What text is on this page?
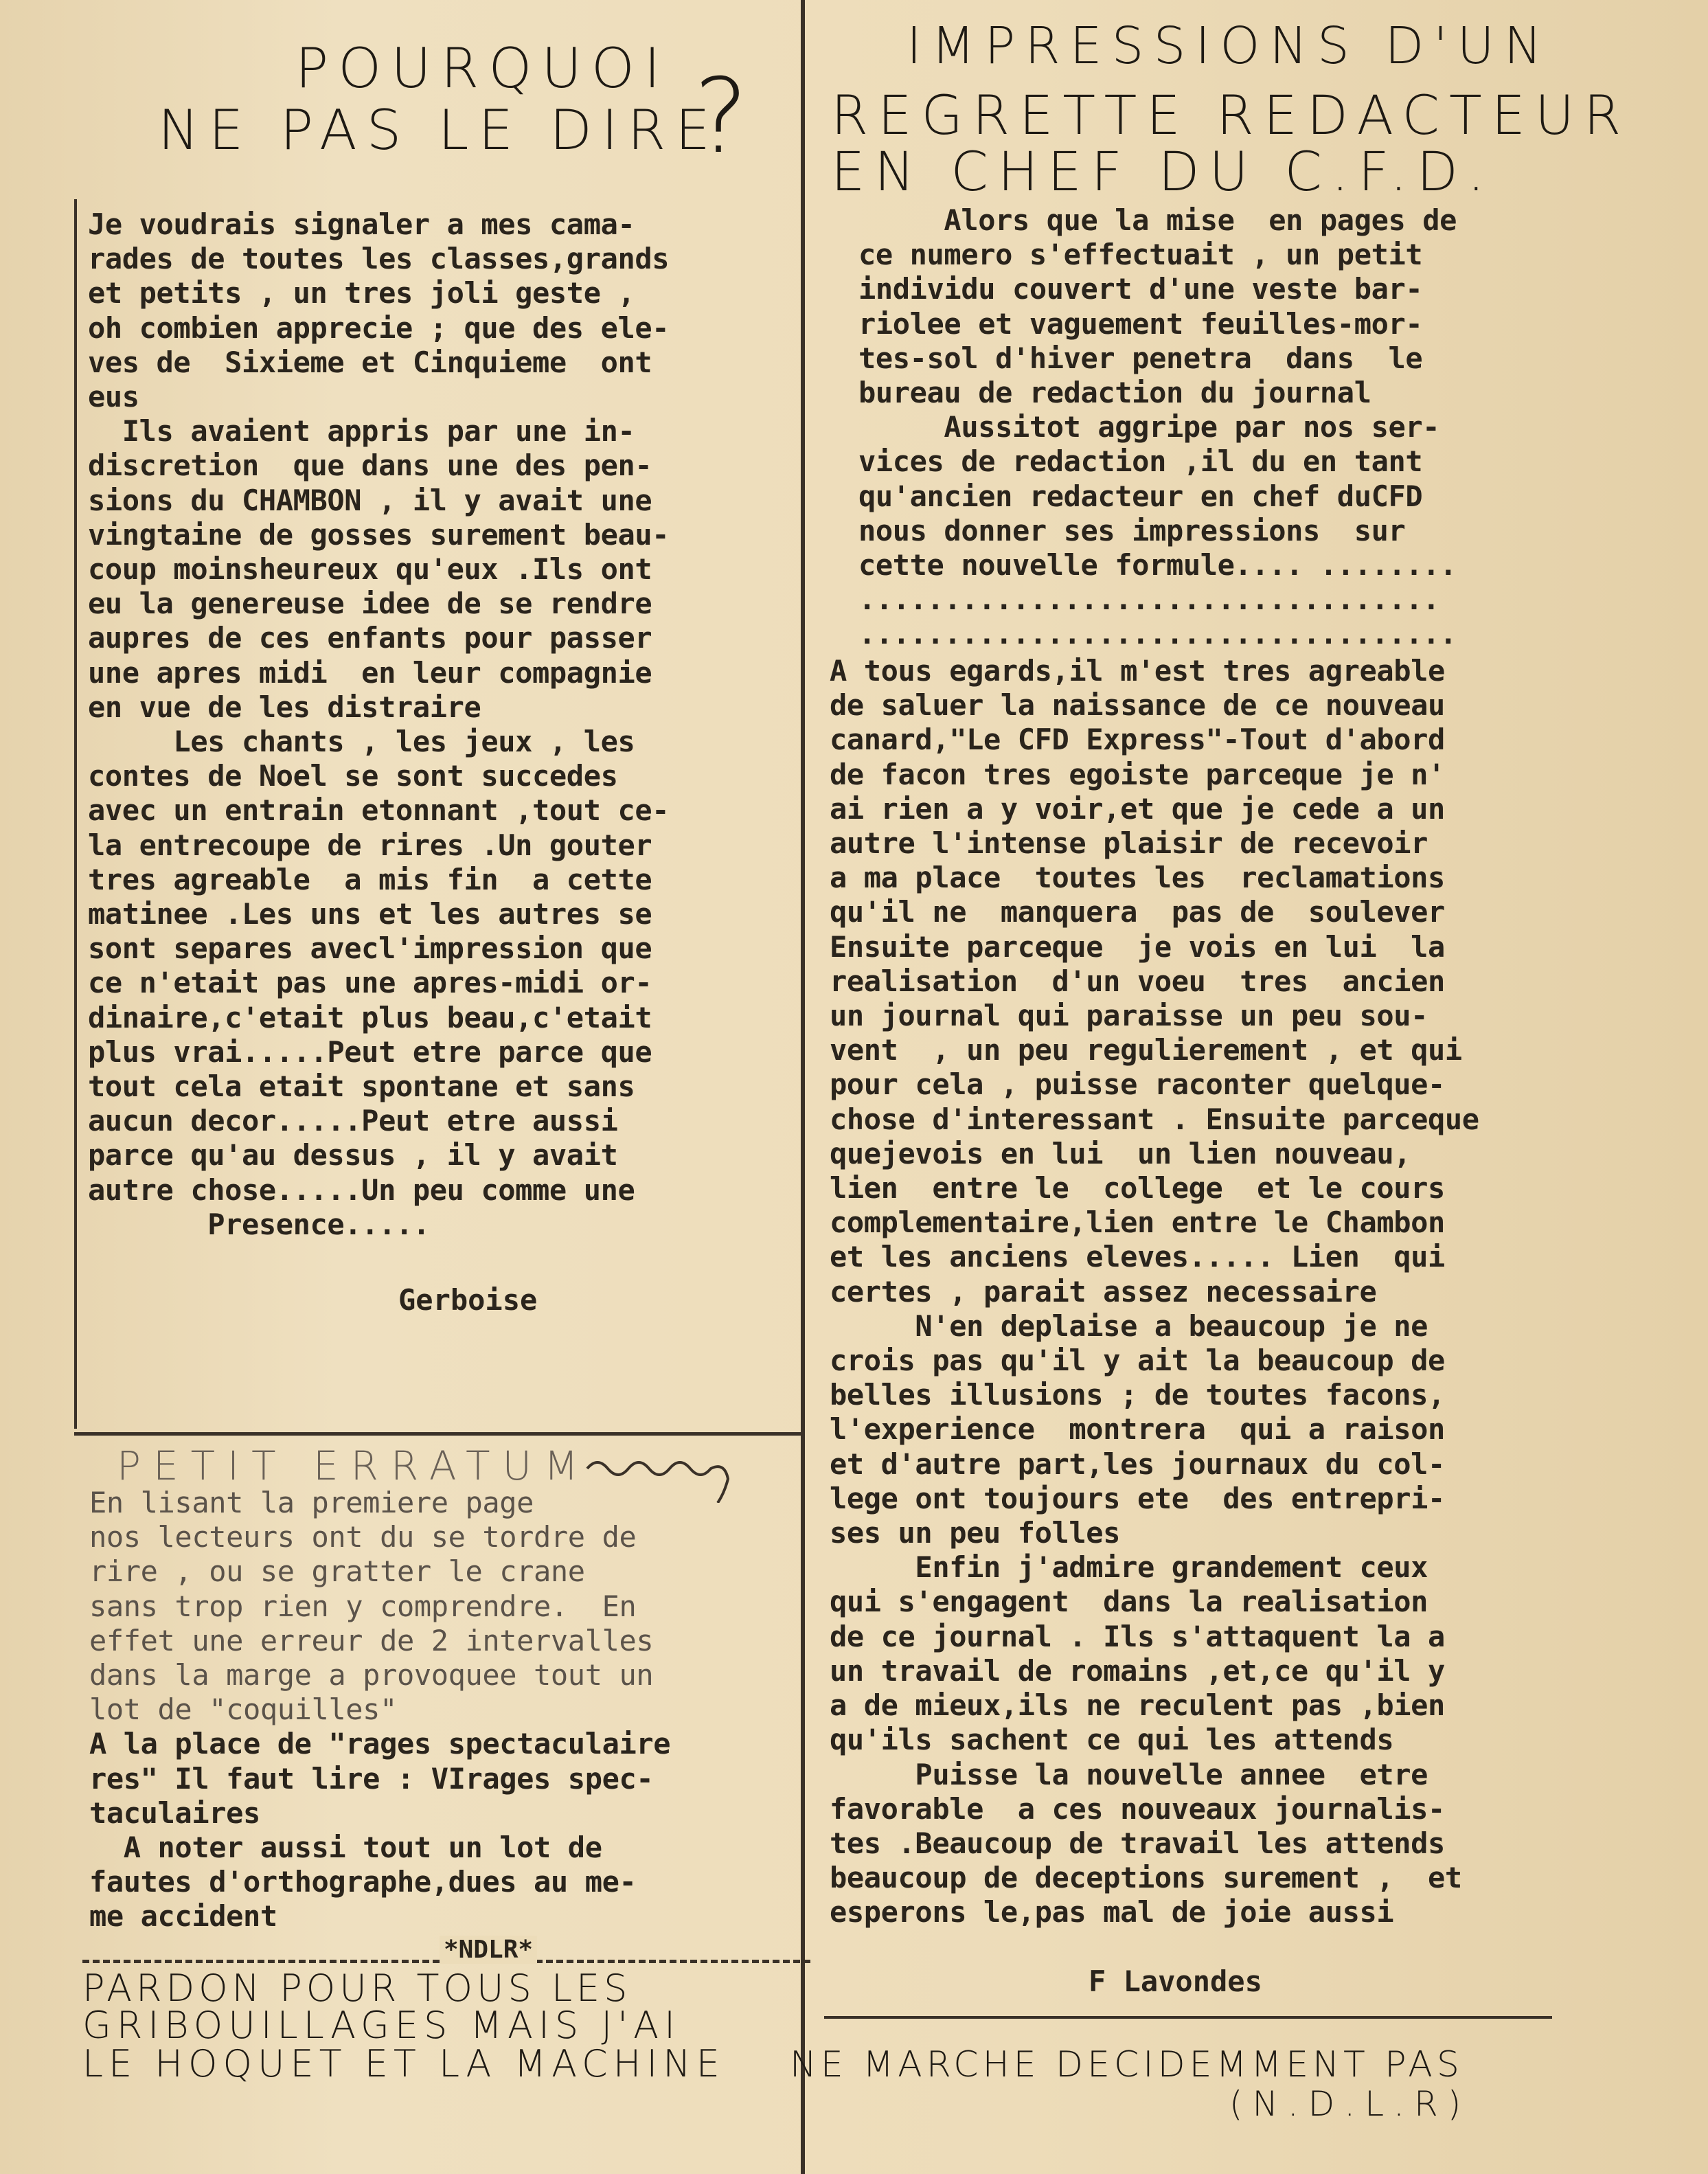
POURQUOI
NE PAS LE DIRE
?
Je voudrais signaler a mes cama-
rades de toutes les classes,grands
et petits , un tres joli geste ,
oh combien apprecie ; que des ele-
ves de  Sixieme et Cinquieme  ont
eus
Ils avaient appris par une in-
discretion  que dans une des pen-
sions du CHAMBON , il y avait une
vingtaine de gosses surement beau-
coup moinsheureux qu'eux .Ils ont
eu la genereuse idee de se rendre
aupres de ces enfants pour passer
une apres midi  en leur compagnie
en vue de les distraire
Les chants , les jeux , les
contes de Noel se sont succedes
avec un entrain etonnant ,tout ce-
la entrecoupe de rires .Un gouter
tres agreable  a mis fin  a cette
matinee .Les uns et les autres se
sont separes avecl'impression que
ce n'etait pas une apres-midi or-
dinaire,c'etait plus beau,c'etait
plus vrai.....Peut etre parce que
tout cela etait spontane et sans
aucun decor.....Peut etre aussi
parce qu'au dessus , il y avait
autre chose.....Un peu comme une
Presence.....
Gerboise
PETIT ERRATUM
En lisant la premiere page
nos lecteurs ont du se tordre de
rire , ou se gratter le crane
sans trop rien y comprendre.  En
effet une erreur de 2 intervalles
dans la marge a provoquee tout un
lot de "coquilles"
A la place de "rages spectaculaire
res" Il faut lire : VIrages spec-
taculaires
A noter aussi tout un lot de
fautes d'orthographe,dues au me-
me accident
*NDLR*
PARDON POUR TOUS LES
GRIBOUILLAGES MAIS J'AI
LE HOQUET ET LA MACHINE NE MARCHE DECIDEMMENT PAS
(N.D.L.R)
IMPRESSIONS D'UN
REGRETTE REDACTEUR
EN CHEF DU C.F.D.
Alors que la mise  en pages de
ce numero s'effectuait , un petit
individu couvert d'une veste bar-
riolee et vaguement feuilles-mor-
tes-sol d'hiver penetra  dans  le
bureau de redaction du journal
Aussitot aggripe par nos ser-
vices de redaction ,il du en tant
qu'ancien redacteur en chef duCFD
nous donner ses impressions  sur
cette nouvelle formule.... ........
..................................
...................................
A tous egards,il m'est tres agreable
de saluer la naissance de ce nouveau
canard,"Le CFD Express"-Tout d'abord
de facon tres egoiste parceque je n'
ai rien a y voir,et que je cede a un
autre l'intense plaisir de recevoir
a ma place  toutes les  reclamations
qu'il ne  manquera  pas de  soulever
Ensuite parceque  je vois en lui  la
realisation  d'un voeu  tres  ancien
un journal qui paraisse un peu sou-
vent  , un peu regulierement , et qui
pour cela , puisse raconter quelque-
chose d'interessant . Ensuite parceque
quejevois en lui  un lien nouveau,
lien  entre le  college  et le cours
complementaire,lien entre le Chambon
et les anciens eleves..... Lien  qui
certes , parait assez necessaire
N'en deplaise a beaucoup je ne
crois pas qu'il y ait la beaucoup de
belles illusions ; de toutes facons,
l'experience  montrera  qui a raison
et d'autre part,les journaux du col-
lege ont toujours ete  des entrepri-
ses un peu folles
Enfin j'admire grandement ceux
qui s'engagent  dans la realisation
de ce journal . Ils s'attaquent la a
un travail de romains ,et,ce qu'il y
a de mieux,ils ne reculent pas ,bien
qu'ils sachent ce qui les attends
Puisse la nouvelle annee  etre
favorable  a ces nouveaux journalis-
tes .Beaucoup de travail les attends
beaucoup de deceptions surement ,  et
esperons le,pas mal de joie aussi
F Lavondes
